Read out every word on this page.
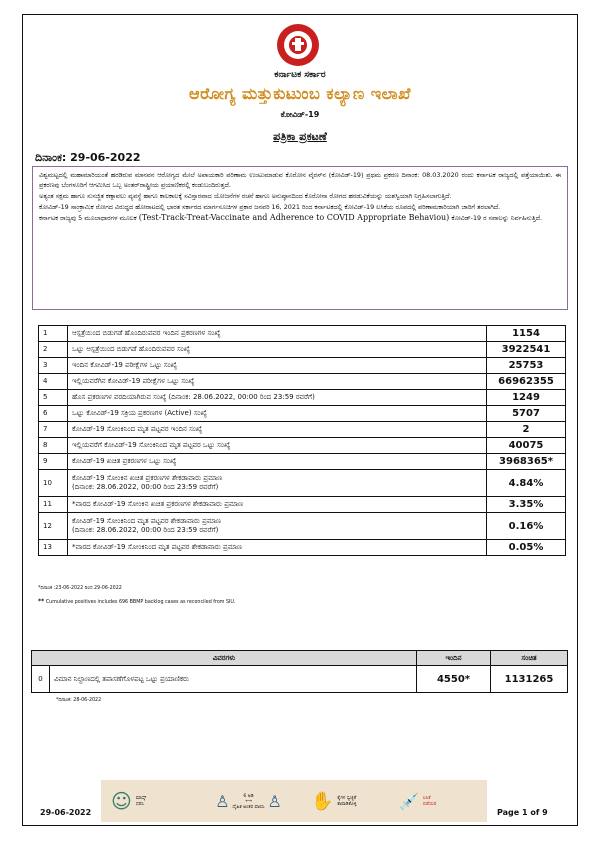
ಕರ್ನಾಟಕ ಸರ್ಕಾರ
ಆರೋಗ್ಯ ಮತ್ತುಕುಟುಂಬ ಕಲ್ಯಾಣ ಇಲಾಖೆ
ಕೋವಿಡ್-19
ಪತ್ರಿಕಾ ಪ್ರಕಟಣೆ
ದಿನಾಂಕ: 29-06-2022

ವಿಶ್ವಮಟ್ಟದಲ್ಲಿ ಮಹಾಮಾರಿಯಂತೆ ಹರಡಿರುವ ಮಾನವನ ಆರೋಗ್ಯದ ಮೇಲೆ ಅಪಾಯಕಾರಿ ಪರಿಣಾಮ ಉಂಟುಮಾಡುವ ಕೊರೋನ ವೈರಸ್‌ನ (ಕೋವಿಡ್-19) ಪ್ರಥಮ ಪ್ರಕರಣ ದಿನಾಂಕ: 08.03.2020 ರಂದು ಕರ್ನಾಟಕ ರಾಜ್ಯದಲ್ಲಿ ಪತ್ತೆಯಾಯಿತು. ಈ ಪ್ರಕರಣವು ಬೆಂಗಳೂರಿಗೆ ಆಗಮಿಸಿದ ಒಬ್ಬ ಅಂತರ್‌ರಾಷ್ಟ್ರೀಯ ಪ್ರಯಾಣಿಕರಲ್ಲಿ ಕಂಡುಬಂದಿರುತ್ತದೆ.

ಅತ್ಯಂತ ಸಕ್ಷಮ ಹಾಗೂ ಸುಸಜ್ಜಿತ ಕಣ್ಗಾವಲು ವ್ಯವಸ್ಥೆ ಹಾಗೂ ಕಾಲಕಾಲಕ್ಕೆ ಸವಿಸ್ತಾರವಾದ ಯೋಜನೆಗಳ ರಚನೆ ಹಾಗೂ ಅನುಷ್ಠಾನದಿಂದ ಕೊರೋನಾ ರೋಗದ ಹರಡುವಿಕೆಯನ್ನು ಯಶಸ್ವಿಯಾಗಿ ನಿಗ್ರಹಿಸಲಾಗುತ್ತಿದೆ.

ಕೋವಿಡ್-19 ಸಾಂಕ್ರಾಮಿಕ ರೋಗದ ವಿರುದ್ಧದ ಹೋರಾಟದಲ್ಲಿ ಭಾರತ ಸರ್ಕಾರದ ಮಾರ್ಗಸೂಚಿಗಳ ಪ್ರಕಾರ ಜನವರಿ 16, 2021 ರಿಂದ ಕರ್ನಾಟಕದಲ್ಲಿ ಕೋವಿಡ್-19 ಲಸಿಕೆಯ ರೂಪದಲ್ಲಿ ಪರಿಣಾಮಕಾರಿಯಾಗಿ ಜಾರಿಗೆ ತರಲಾಗಿದೆ.

ಕರ್ನಾಟಕ ರಾಜ್ಯವು 5 ಮೂಲಾಧಾರಗಳ ಮೂಲಕ (Test-Track-Treat-Vaccinate and Adherence to COVID Appropriate Behaviou) ಕೋವಿಡ್-19 ರ ಸವಾಲನ್ನು ನಿರ್ವಹಿಸುತ್ತಿದೆ.

1	ಆಸ್ಪತ್ರೆಯಿಂದ ಬಿಡುಗಡೆ ಹೊಂದಿರುವವರ ಇಂದಿನ ಪ್ರಕರಣಗಳ ಸಂಖ್ಯೆ	1154
2	ಒಟ್ಟು ಆಸ್ಪತ್ರೆಯಿಂದ ಬಿಡುಗಡೆ ಹೊಂದಿರುವವರ ಸಂಖ್ಯೆ	3922541
3	ಇಂದಿನ ಕೋವಿಡ್-19 ಪರೀಕ್ಷೆಗಳ ಒಟ್ಟು ಸಂಖ್ಯೆ	25753
4	ಇಲ್ಲಿಯವರೆಗಿನ ಕೋವಿಡ್-19 ಪರೀಕ್ಷೆಗಳ ಒಟ್ಟು ಸಂಖ್ಯೆ	66962355
5	ಹೊಸ ಪ್ರಕರಣಗಳ ವರದಿಯಾಗಿರುವ ಸಂಖ್ಯೆ (ದಿನಾಂಕ: 28.06.2022, 00:00 ರಿಂದ 23:59 ರವರೆಗೆ)	1249
6	ಒಟ್ಟು ಕೋವಿಡ್-19 ಸಕ್ರಿಯ ಪ್ರಕರಣಗಳ (Active) ಸಂಖ್ಯೆ	5707
7	ಕೋವಿಡ್-19 ಸೋಂಕಿನಿಂದ ಮೃತ ಪಟ್ಟವರ ಇಂದಿನ ಸಂಖ್ಯೆ	2
8	ಇಲ್ಲಿಯವರೆಗೆ ಕೋವಿಡ್-19 ಸೋಂಕಿನಿಂದ ಮೃತ ಪಟ್ಟವರ ಒಟ್ಟು ಸಂಖ್ಯೆ	40075
9	ಕೋವಿಡ್-19 ಖಚಿತ ಪ್ರಕರಣಗಳ ಒಟ್ಟು ಸಂಖ್ಯೆ	3968365*
10	ಕೋವಿಡ್-19 ಸೋಂಕಿನ ಖಚಿತ ಪ್ರಕರಣಗಳ ಶೇಕಡಾವಾರು ಪ್ರಮಾಣ
(ದಿನಾಂಕ: 28.06.2022, 00:00 ರಿಂದ 23:59 ರವರೆಗೆ)	4.84%
11	*ವಾರದ ಕೋವಿಡ್-19 ಸೋಂಕಿನ ಖಚಿತ ಪ್ರಕರಣಗಳ ಶೇಕಡಾವಾರು ಪ್ರಮಾಣ	3.35%
12	ಕೋವಿಡ್-19 ಸೋಂಕಿನಿಂದ ಮೃತ ಪಟ್ಟವರ ಶೇಕಡಾವಾರು ಪ್ರಮಾಣ
(ದಿನಾಂಕ: 28.06.2022, 00:00 ರಿಂದ 23:59 ರವರೆಗೆ)	0.16%
13	*ವಾರದ ಕೋವಿಡ್-19 ಸೋಂಕಿನಿಂದ ಮೃತ ಪಟ್ಟವರ ಶೇಕಡಾವಾರು ಪ್ರಮಾಣ	0.05%
*ದಿನಾಂಕ :23-06-2022 ರಿಂದ 29-06-2022
** Cumulative positives includes 696 BBMP backlog cases as reconciled from SIU.
ವಿವರಗಳು		ಇಂದಿನ	ಸಂಚಿತ
0	ವಿಮಾನ ನಿಲ್ದಾಣದಲ್ಲಿ ತಪಾಸಣೆಗೊಳಪಟ್ಟ ಒಟ್ಟು ಪ್ರಯಾಣಿಕರು	4550*	1131265
*ದಿನಾಂಕ: 28-06-2022
☺ ಮಾಸ್ಕ್
ಧರಿಸಿ	♙	6 ಅಡಿ
⟷
ದೈಹಿಕ ಅಂತರ ಪಾಲಿಸಿ ♙ ✋ ಕೈಗಳ ಸ್ವಚ್ಛತೆ
ಕಾಪಾಡಿಕೊಳ್ಳಿ	💉 ಲಸಿಕೆ
ಪಡೆಯಿರಿ
29-06-2022	Page 1 of 9
